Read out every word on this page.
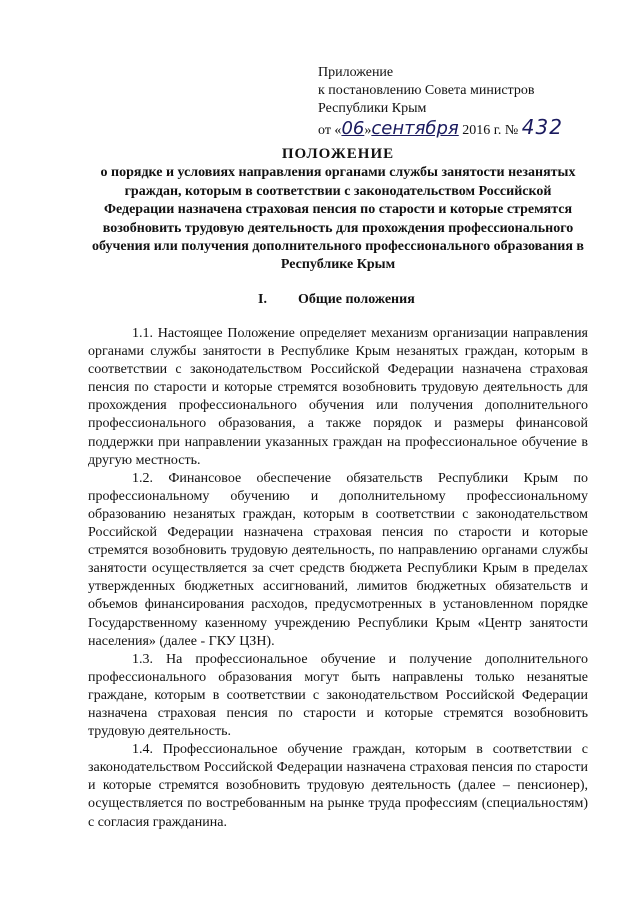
Приложение
к постановлению Совета министров
Республики Крым
от «06»сентября 2016 г. № 432
ПОЛОЖЕНИЕ
о порядке и условиях направления органами службы занятости незанятых граждан, которым в соответствии с законодательством Российской Федерации назначена страховая пенсия по старости и которые стремятся возобновить трудовую деятельность для прохождения профессионального обучения или получения дополнительного профессионального образования в Республике Крым
I. Общие положения

1.1. Настоящее Положение определяет механизм организации направления органами службы занятости в Республике Крым незанятых граждан, которым в соответствии с законодательством Российской Федерации назначена страховая пенсия по старости и которые стремятся возобновить трудовую деятельность для прохождения профессионального обучения или получения дополнительного профессионального образования, а также порядок и размеры финансовой поддержки при направлении указанных граждан на профессиональное обучение в другую местность.

1.2. Финансовое обеспечение обязательств Республики Крым по профессиональному обучению и дополнительному профессиональному образованию незанятых граждан, которым в соответствии с законодательством Российской Федерации назначена страховая пенсия по старости и которые стремятся возобновить трудовую деятельность, по направлению органами службы занятости осуществляется за счет средств бюджета Республики Крым в пределах утвержденных бюджетных ассигнований, лимитов бюджетных обязательств и объемов финансирования расходов, предусмотренных в установленном порядке Государственному казенному учреждению Республики Крым «Центр занятости населения» (далее - ГКУ ЦЗН).

1.3. На профессиональное обучение и получение дополнительного профессионального образования могут быть направлены только незанятые граждане, которым в соответствии с законодательством Российской Федерации назначена страховая пенсия по старости и которые стремятся возобновить трудовую деятельность.

1.4. Профессиональное обучение граждан, которым в соответствии с законодательством Российской Федерации назначена страховая пенсия по старости и которые стремятся возобновить трудовую деятельность (далее – пенсионер), осуществляется по востребованным на рынке труда профессиям (специальностям) с согласия гражданина.
